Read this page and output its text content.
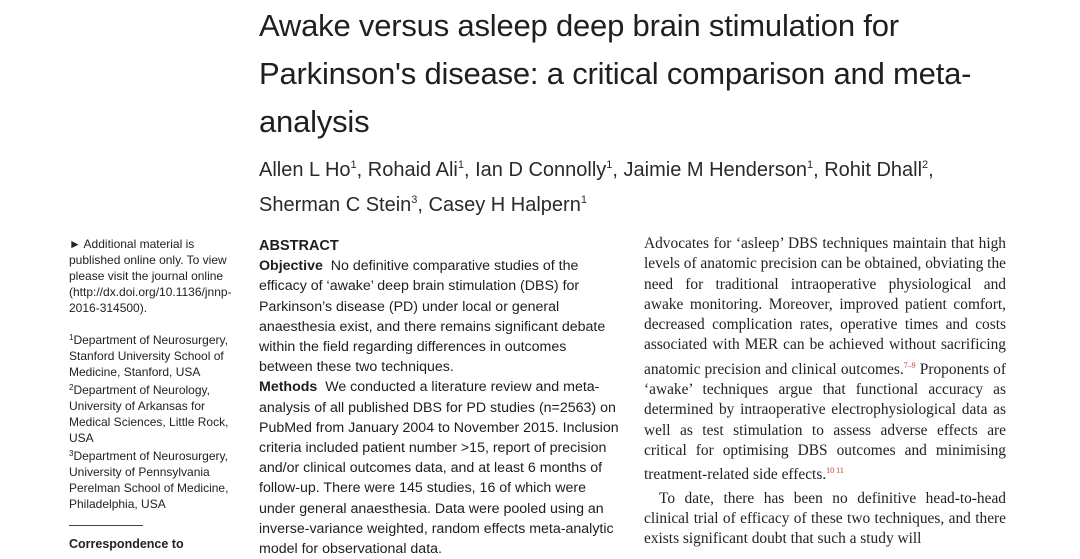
Awake versus asleep deep brain stimulation for Parkinson's disease: a critical comparison and meta-analysis
Allen L Ho$^1$, Rohaid Ali$^1$, Ian D Connolly$^1$, Jaimie M Henderson$^1$, Rohit Dhall$^2$,
Sherman C Stein$^3$, Casey H Halpern$^1$

► Additional material is published online only. To view please visit the journal online (http://dx.doi.org/10.1136/jnnp-2016-314500).

$^1$Department of Neurosurgery, Stanford University School of Medicine, Stanford, USA

$^2$Department of Neurology, University of Arkansas for Medical Sciences, Little Rock, USA

$^3$Department of Neurosurgery, University of Pennsylvania Perelman School of Medicine, Philadelphia, USA

Correspondence to

ABSTRACT

Objective No definitive comparative studies of the efficacy of ‘awake’ deep brain stimulation (DBS) for Parkinson’s disease (PD) under local or general anaesthesia exist, and there remains significant debate within the field regarding differences in outcomes between these two techniques.

Methods We conducted a literature review and meta-analysis of all published DBS for PD studies (n=2563) on PubMed from January 2004 to November 2015. Inclusion criteria included patient number >15, report of precision and/or clinical outcomes data, and at least 6 months of follow-up. There were 145 studies, 16 of which were under general anaesthesia. Data were pooled using an inverse-variance weighted, random effects meta-analytic model for observational data.

Advocates for ‘asleep’ DBS techniques maintain that high levels of anatomic precision can be obtained, obviating the need for traditional intraoperative physiological and awake monitoring. Moreover, improved patient comfort, decreased complication rates, operative times and costs associated with MER can be achieved without sacrificing anatomic precision and clinical outcomes.$^{7-9}$ Proponents of ‘awake’ techniques argue that functional accuracy as determined by intraoperative electrophysiological data as well as test stimulation to assess adverse effects are critical for optimising DBS outcomes and minimising treatment-related side effects.$^{10 11}$

To date, there has been no definitive head-to-head clinical trial of efficacy of these two techniques, and there exists significant doubt that such a study will
